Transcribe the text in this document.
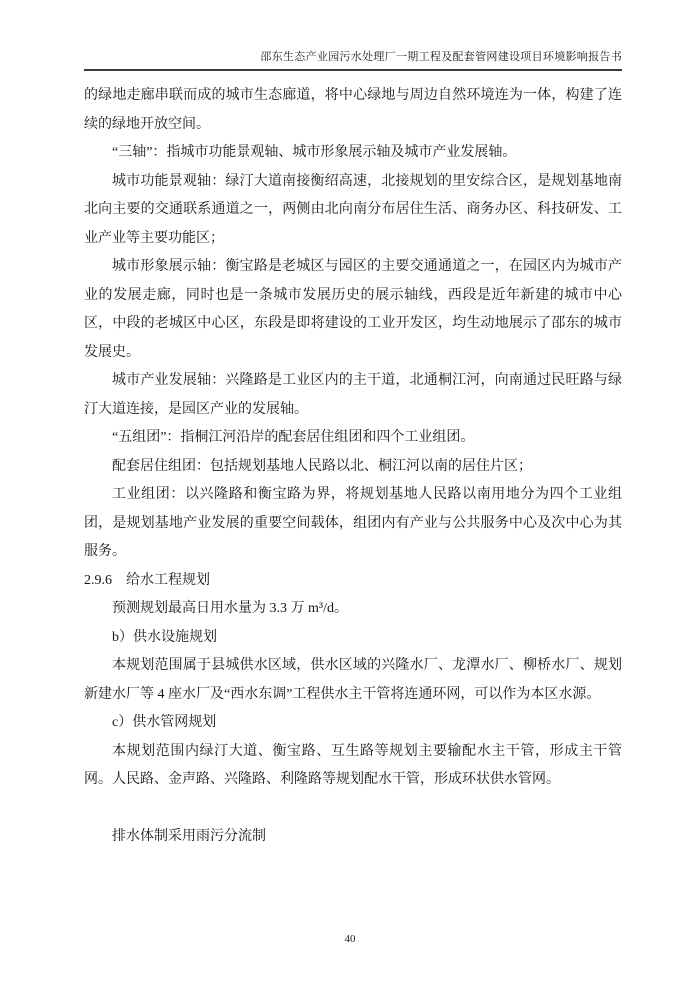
邵东生态产业园污水处理厂一期工程及配套管网建设项目环境影响报告书

的绿地走廊串联而成的城市生态廊道，将中心绿地与周边自然环境连为一体，构建了连续的绿地开放空间。

“三轴”：指城市功能景观轴、城市形象展示轴及城市产业发展轴。

城市功能景观轴：绿汀大道南接衡绍高速，北接规划的里安综合区，是规划基地南北向主要的交通联系通道之一，两侧由北向南分布居住生活、商务办区、科技研发、工业产业等主要功能区；

城市形象展示轴：衡宝路是老城区与园区的主要交通通道之一，在园区内为城市产业的发展走廊，同时也是一条城市发展历史的展示轴线，西段是近年新建的城市中心区，中段的老城区中心区，东段是即将建设的工业开发区，均生动地展示了邵东的城市发展史。

城市产业发展轴：兴隆路是工业区内的主干道，北通桐江河，向南通过民旺路与绿汀大道连接，是园区产业的发展轴。

“五组团”：指桐江河沿岸的配套居住组团和四个工业组团。

配套居住组团：包括规划基地人民路以北、桐江河以南的居住片区；

工业组团：以兴隆路和衡宝路为界，将规划基地人民路以南用地分为四个工业组团，是规划基地产业发展的重要空间载体，组团内有产业与公共服务中心及次中心为其服务。

2.9.6 给水工程规划

预测规划最高日用水量为 3.3 万 m³/d。

b）供水设施规划

本规划范围属于县城供水区域，供水区域的兴隆水厂、龙潭水厂、柳桥水厂、规划新建水厂等 4 座水厂及“西水东调”工程供水主干管将连通环网，可以作为本区水源。

c）供水管网规划

本规划范围内绿汀大道、衡宝路、互生路等规划主要输配水主干管，形成主干管网。人民路、金声路、兴隆路、利隆路等规划配水干管，形成环状供水管网。

排水体制采用雨污分流制

40
